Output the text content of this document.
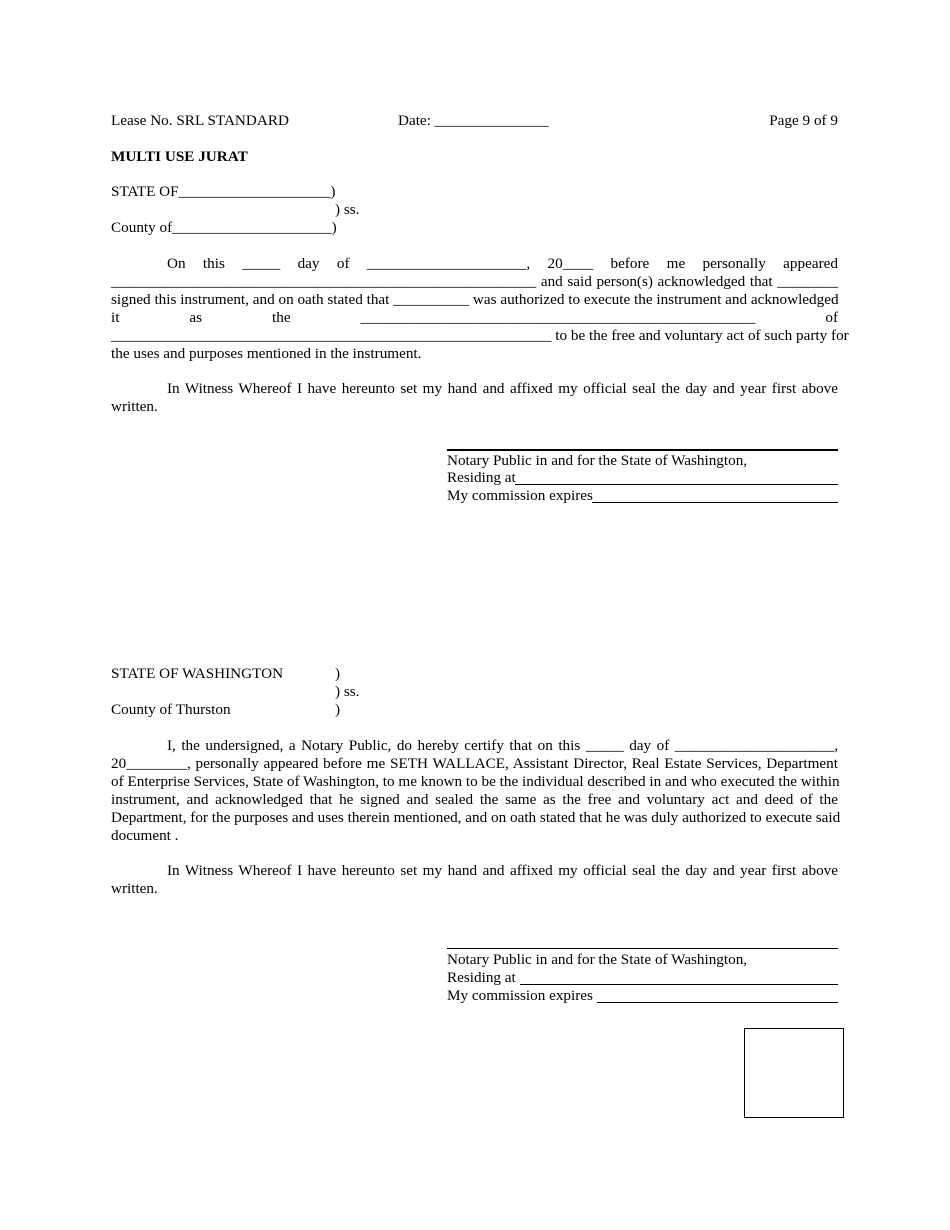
Lease No. SRL STANDARD	Date: _______________	Page 9 of 9
MULTI USE JURAT
STATE OF____________________)
) ss.
County of_____________________)
On this _____ day of _____________________, 20____ before me personally appeared
________________________________________________________ and said person(s) acknowledged that ________
signed this instrument, and on oath stated that __________ was authorized to execute the instrument and acknowledged
it as the ____________________________________________________ of
__________________________________________________________ to be the free and voluntary act of such party for
the uses and purposes mentioned in the instrument.
In Witness Whereof I have hereunto set my hand and affixed my official seal the day and year first above
written.
Notary Public in and for the State of Washington,
Residing at
My commission expires
STATE OF WASHINGTON	)
) ss.
County of Thurston	)
I, the undersigned, a Notary Public, do hereby certify that on this _____ day of _____________________,
20________, personally appeared before me SETH WALLACE, Assistant Director, Real Estate Services, Department
of Enterprise Services, State of Washington, to me known to be the individual described in and who executed the within
instrument, and acknowledged that he signed and sealed the same as the free and voluntary act and deed of the
Department, for the purposes and uses therein mentioned, and on oath stated that he was duly authorized to execute said
document .
In Witness Whereof I have hereunto set my hand and affixed my official seal the day and year first above
written.
Notary Public in and for the State of Washington,
Residing at
My commission expires
